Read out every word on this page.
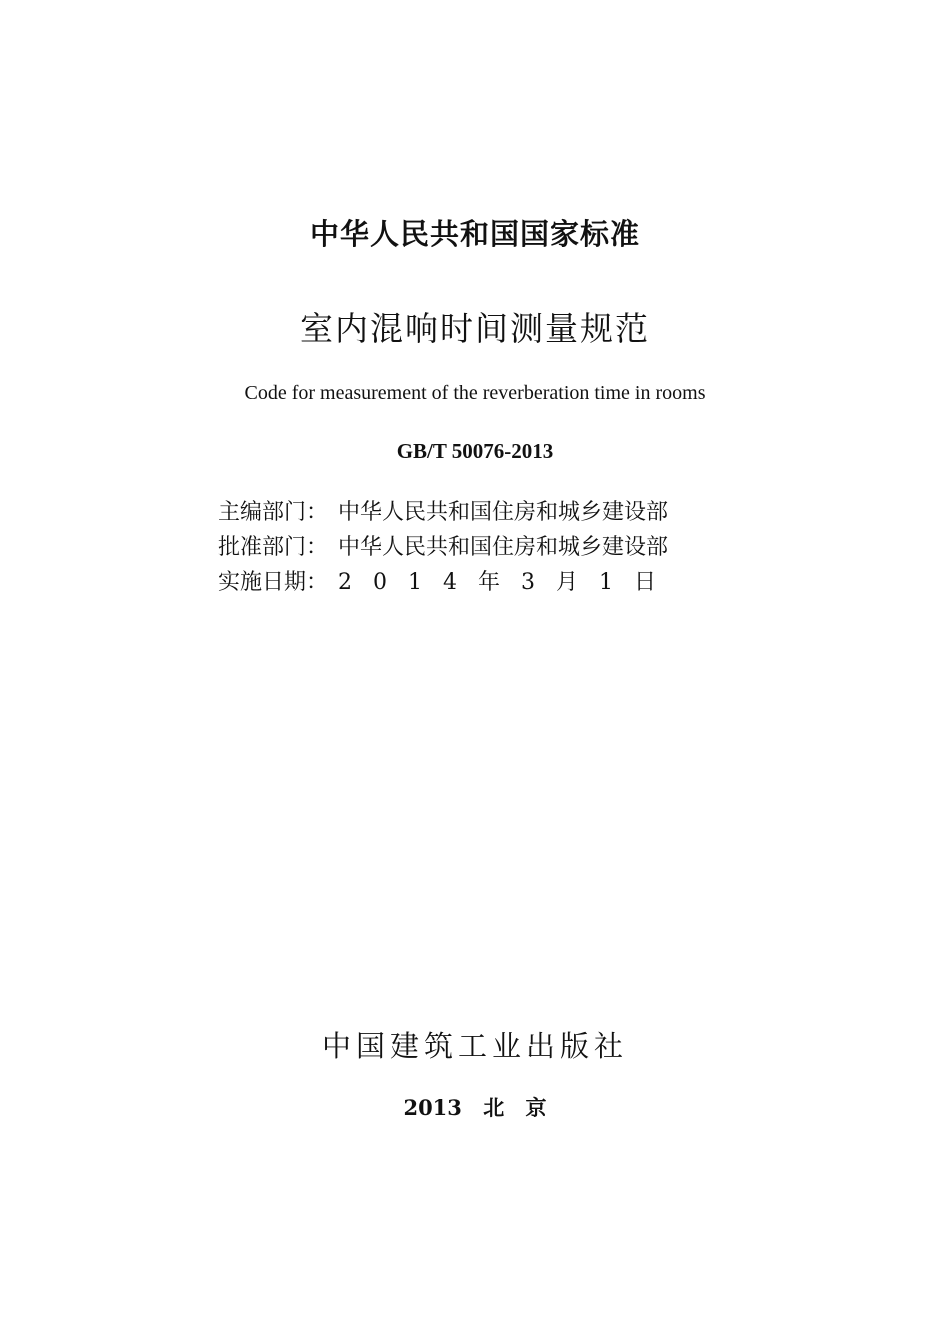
中华人民共和国国家标准
室内混响时间测量规范
Code for measurement of the reverberation time in rooms
GB/T 50076-2013
主编部门： 中华人民共和国住房和城乡建设部
批准部门： 中华人民共和国住房和城乡建设部
实施日期： 2014年3月1日
中国建筑工业出版社
2013 北 京
